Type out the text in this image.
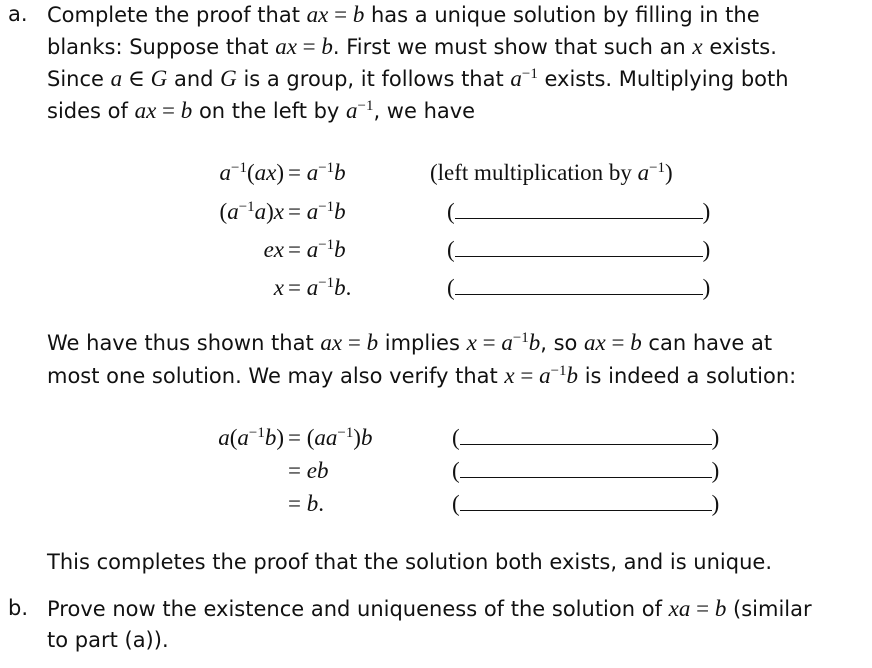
a. Complete the proof that ax = b has a unique solution by filling in the
blanks: Suppose that ax = b. First we must show that such an x exists.
Since a ∈ G and G is a group, it follows that $a^{-1}$ exists. Multiplying both
sides of ax = b on the left by $a^{-1}$, we have
$a^{-1}(ax) = a^{-1}b$	(left multiplication by $a^{-1}$)
$(a^{-1}a)x = a^{-1}b$	(	)
ex = $a^{-1}b$	(	)
$x = a^{-1}b$.	(	)
We have thus shown that ax = b implies $x = a^{-1}b$, so ax = b can have at
most one solution. We may also verify that $x = a^{-1}b$ is indeed a solution:
$a(a^{-1}b) = (aa^{-1})b$	(	)
= eb	(	)
= b.	(	)
This completes the proof that the solution both exists, and is unique.
b. Prove now the existence and uniqueness of the solution of xa = b (similar
to part (a)).
